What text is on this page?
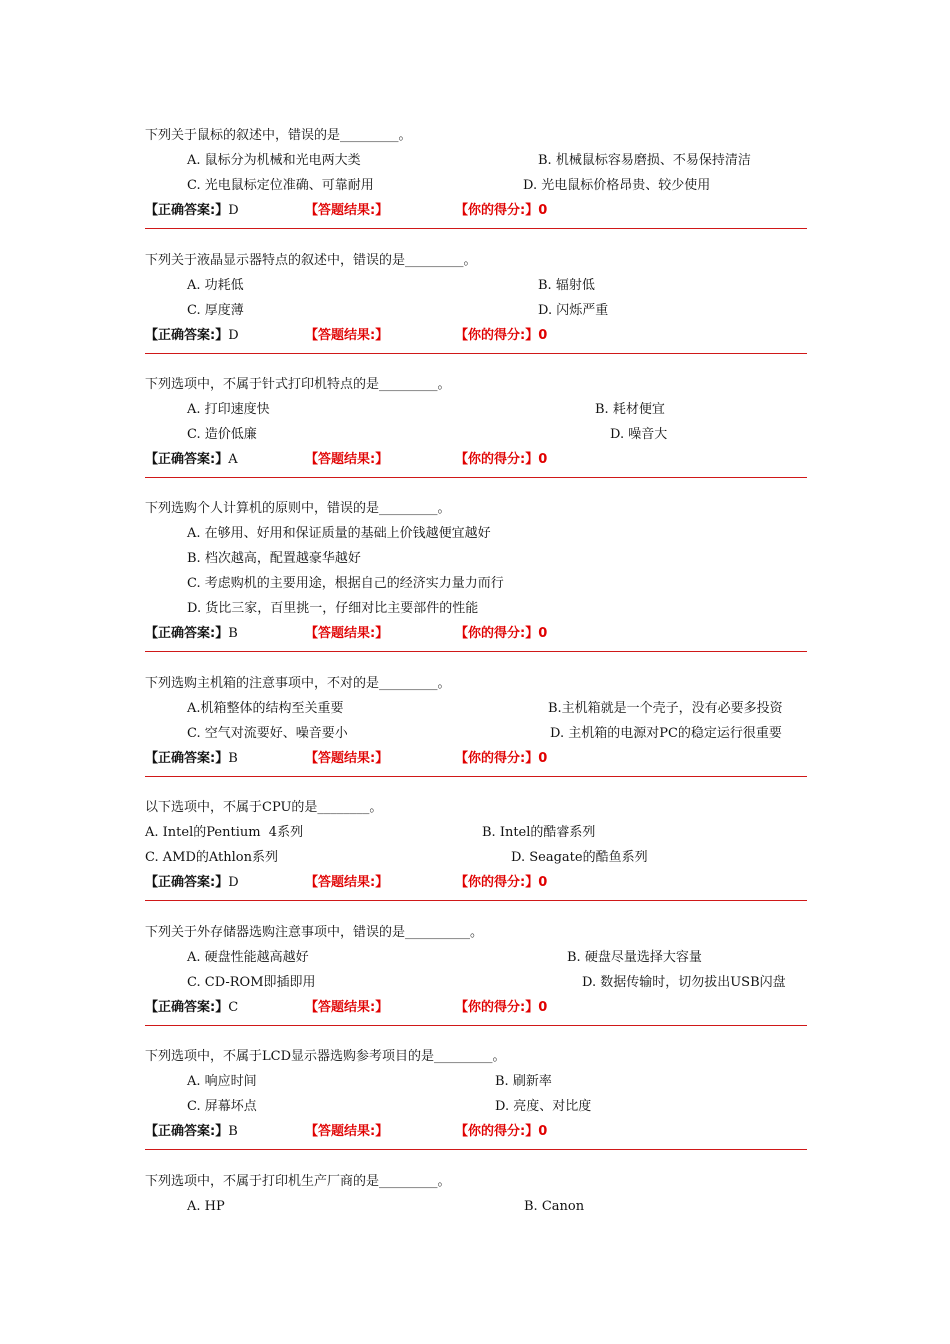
下列关于鼠标的叙述中，错误的是_________。
A. 鼠标分为机械和光电两大类	B. 机械鼠标容易磨损、不易保持清洁
C. 光电鼠标定位准确、可靠耐用	D. 光电鼠标价格昂贵、较少使用
【正确答案:】D	【答题结果:】	【你的得分:】0
下列关于液晶显示器特点的叙述中，错误的是_________。
A. 功耗低	B. 辐射低
C. 厚度薄	D. 闪烁严重
【正确答案:】D	【答题结果:】	【你的得分:】0
下列选项中，不属于针式打印机特点的是_________。
A. 打印速度快	B. 耗材便宜
C. 造价低廉	D. 噪音大
【正确答案:】A	【答题结果:】	【你的得分:】0
下列选购个人计算机的原则中，错误的是_________。
A. 在够用、好用和保证质量的基础上价钱越便宜越好
B. 档次越高，配置越豪华越好
C. 考虑购机的主要用途，根据自己的经济实力量力而行
D. 货比三家，百里挑一，仔细对比主要部件的性能
【正确答案:】B	【答题结果:】	【你的得分:】0
下列选购主机箱的注意事项中，不对的是_________。
A.机箱整体的结构至关重要	B.主机箱就是一个壳子，没有必要多投资
C. 空气对流要好、噪音要小	D. 主机箱的电源对PC的稳定运行很重要
【正确答案:】B	【答题结果:】	【你的得分:】0
以下选项中，不属于CPU的是________。
A. Intel的Pentium  4系列	B. Intel的酷睿系列
C. AMD的Athlon系列	D. Seagate的酷鱼系列
【正确答案:】D	【答题结果:】	【你的得分:】0
下列关于外存储器选购注意事项中，错误的是__________。
A. 硬盘性能越高越好	B. 硬盘尽量选择大容量
C. CD-ROM即插即用	D. 数据传输时，切勿拔出USB闪盘
【正确答案:】C	【答题结果:】	【你的得分:】0
下列选项中，不属于LCD显示器选购参考项目的是_________。
A. 响应时间	B. 刷新率
C. 屏幕坏点	D. 亮度、对比度
【正确答案:】B	【答题结果:】	【你的得分:】0
下列选项中，不属于打印机生产厂商的是_________。
A. HP	B. Canon
